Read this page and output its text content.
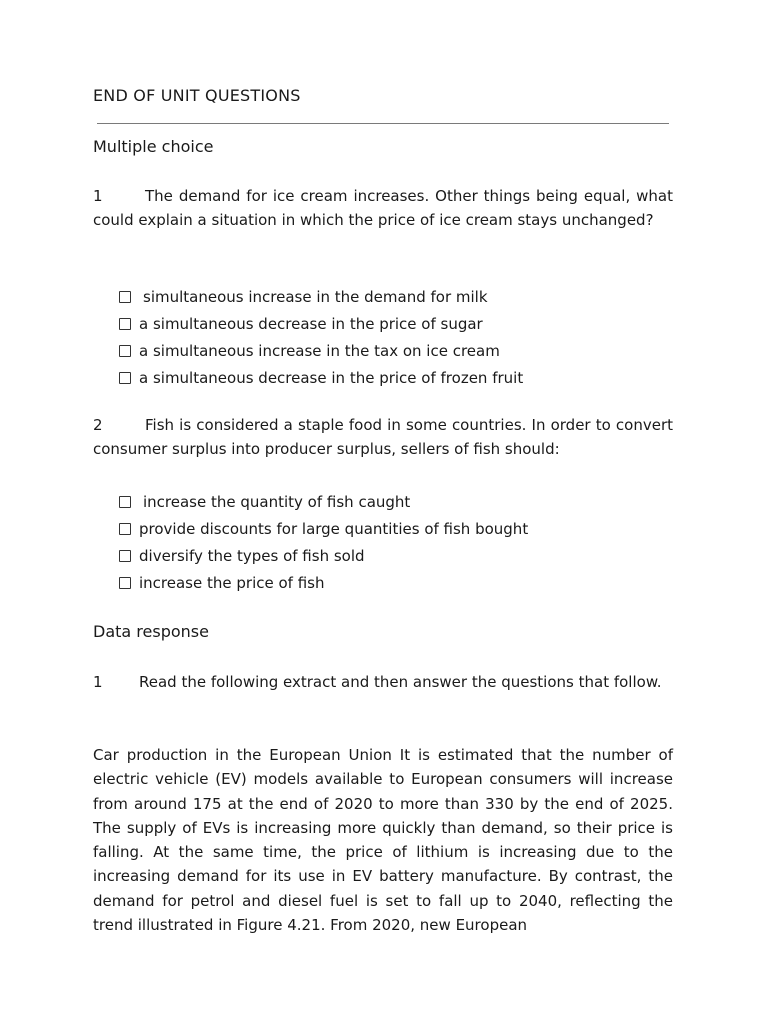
END OF UNIT QUESTIONS
Multiple choice

1	The demand for ice cream increases. Other things being equal, what could explain a situation in which the price of ice cream stays unchanged?

simultaneous increase in the demand for milk
a simultaneous decrease in the price of sugar
a simultaneous increase in the tax on ice cream
a simultaneous decrease in the price of frozen fruit

2	Fish is considered a staple food in some countries. In order to convert consumer surplus into producer surplus, sellers of fish should:

increase the quantity of fish caught
provide discounts for large quantities of fish bought
diversify the types of fish sold
increase the price of fish
Data response

1 Read the following extract and then answer the questions that follow.

Car production in the European Union It is estimated that the number of electric vehicle (EV) models available to European consumers will increase from around 175 at the end of 2020 to more than 330 by the end of 2025. The supply of EVs is increasing more quickly than demand, so their price is falling. At the same time, the price of lithium is increasing due to the increasing demand for its use in EV battery manufacture. By contrast, the demand for petrol and diesel fuel is set to fall up to 2040, reflecting the trend illustrated in Figure 4.21. From 2020, new European
